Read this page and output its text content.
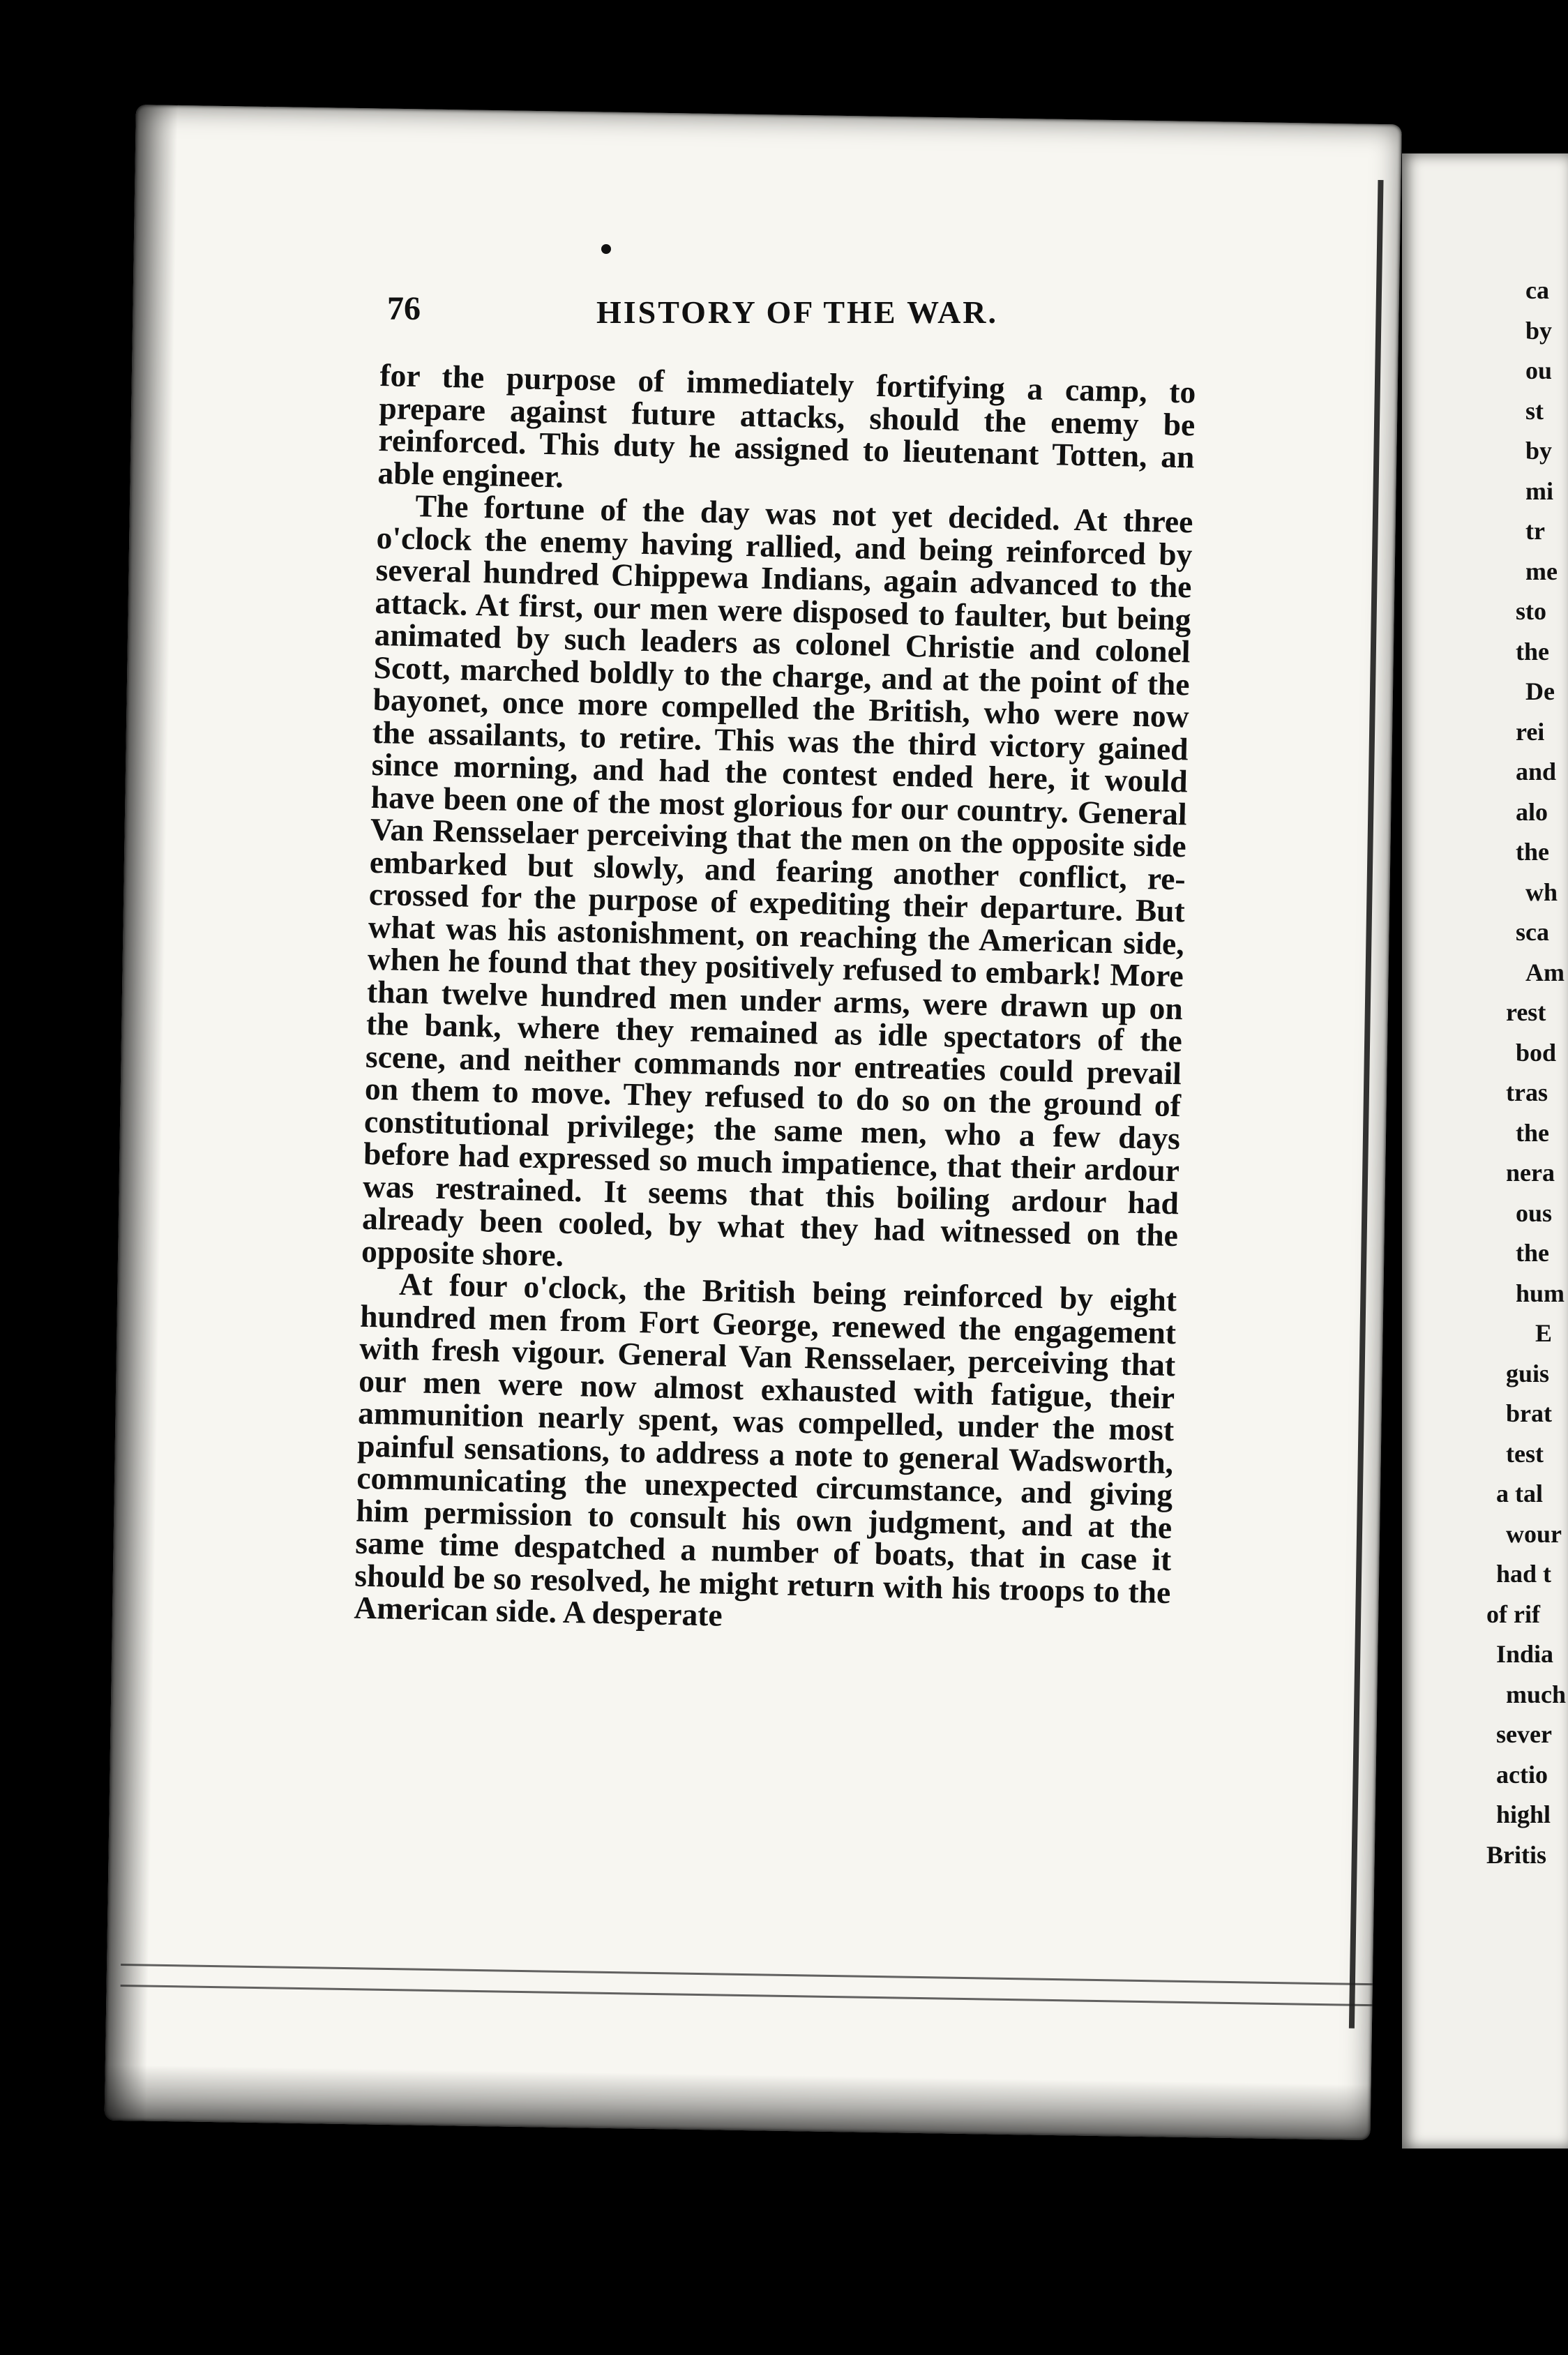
ca
by
ou
st
by
mi
tr
me
sto
the
De
rei
and
alo
the
wh
sca
Am
rest
bod
tras
the
nera
ous
the
hum
E
guis
brat
test
a tal
wour
had t
of rif
India
much
sever
actio
highl
Britis
76	HISTORY OF THE WAR.

for the purpose of immediately fortifying a camp, to prepare against future attacks, should the enemy be reinforced. This duty he assigned to lieutenant Totten, an able engineer.

The fortune of the day was not yet decided. At three o'clock the enemy having rallied, and being reinforced by several hundred Chippewa Indians, again advanced to the attack. At first, our men were disposed to faulter, but being animated by such leaders as colonel Christie and colonel Scott, marched boldly to the charge, and at the point of the bayonet, once more compelled the British, who were now the assailants, to retire. This was the third victory gained since morning, and had the contest ended here, it would have been one of the most glorious for our country. General Van Rensselaer perceiving that the men on the opposite side embarked but slowly, and fearing another conflict, re-crossed for the purpose of expediting their departure. But what was his astonishment, on reaching the American side, when he found that they positively refused to embark! More than twelve hundred men under arms, were drawn up on the bank, where they remained as idle spectators of the scene, and neither commands nor entreaties could prevail on them to move. They refused to do so on the ground of constitutional privilege; the same men, who a few days before had expressed so much impatience, that their ardour was restrained. It seems that this boiling ardour had already been cooled, by what they had witnessed on the opposite shore.

At four o'clock, the British being reinforced by eight hundred men from Fort George, renewed the engagement with fresh vigour. General Van Rensselaer, perceiving that our men were now almost exhausted with fatigue, their ammunition nearly spent, was compelled, under the most painful sensations, to address a note to general Wadsworth, communicating the unexpected circumstance, and giving him permission to consult his own judgment, and at the same time despatched a number of boats, that in case it should be so resolved, he might return with his troops to the American side. A desperate
